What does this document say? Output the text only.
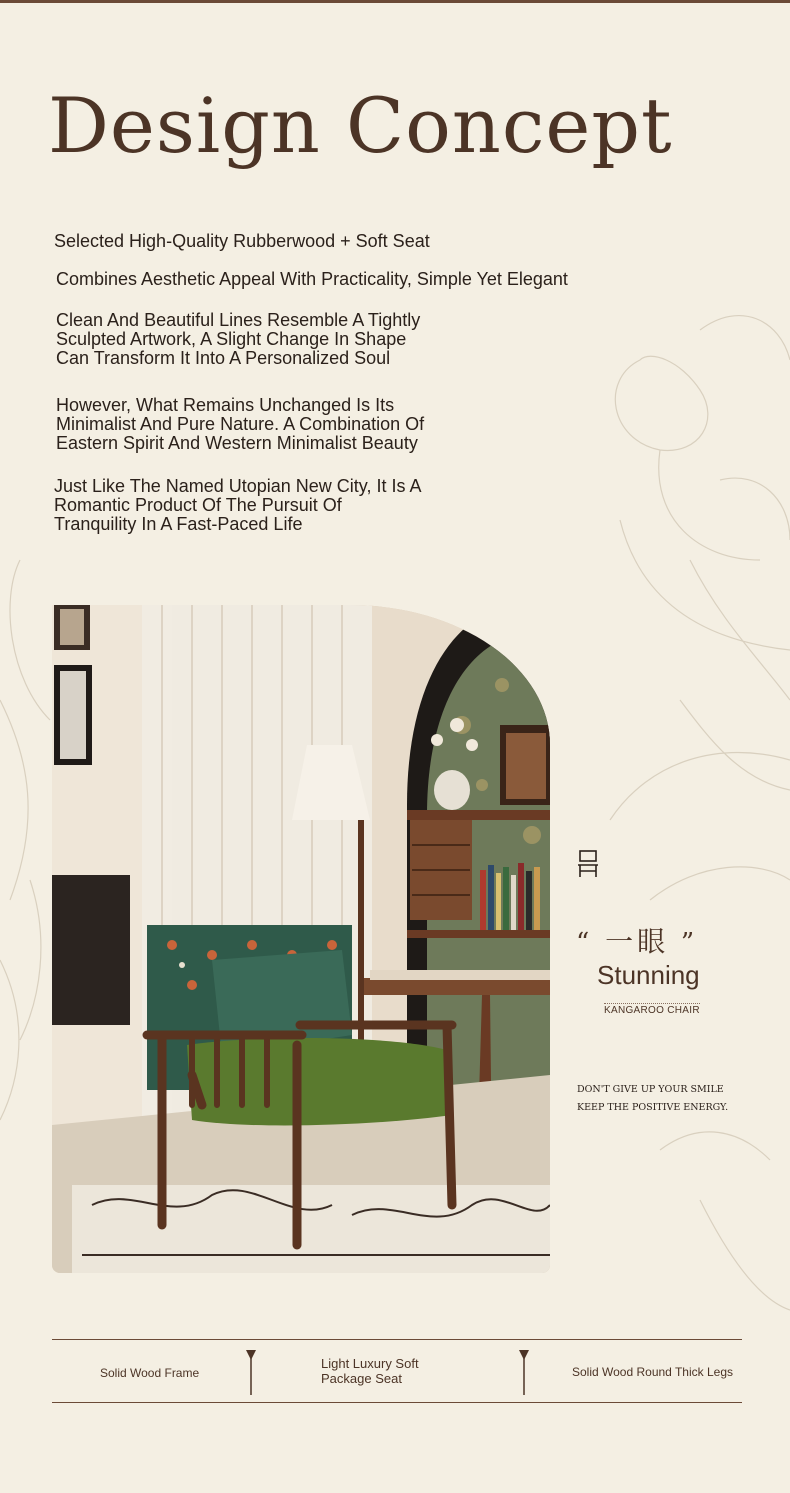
Design Concept

Selected High-Quality Rubberwood + Soft Seat

Combines Aesthetic Appeal With Practicality, Simple Yet Elegant

Clean And Beautiful Lines Resemble A Tightly Sculpted Artwork, A Slight Change In Shape Can Transform It Into A Personalized Soul

However, What Remains Unchanged Is Its Minimalist And Pure Nature. A Combination Of Eastern Spirit And Western Minimalist Beauty

Just Like The Named Utopian New City, It Is A Romantic Product Of The Pursuit Of Tranquility In A Fast-Paced Life

“ 一眼 ”
Stunning
KANGAROO CHAIR
DON'T GIVE UP YOUR SMILE
KEEP THE POSITIVE ENERGY.
Solid Wood Frame
Light Luxury Soft
Package Seat	Solid Wood Round Thick Legs
